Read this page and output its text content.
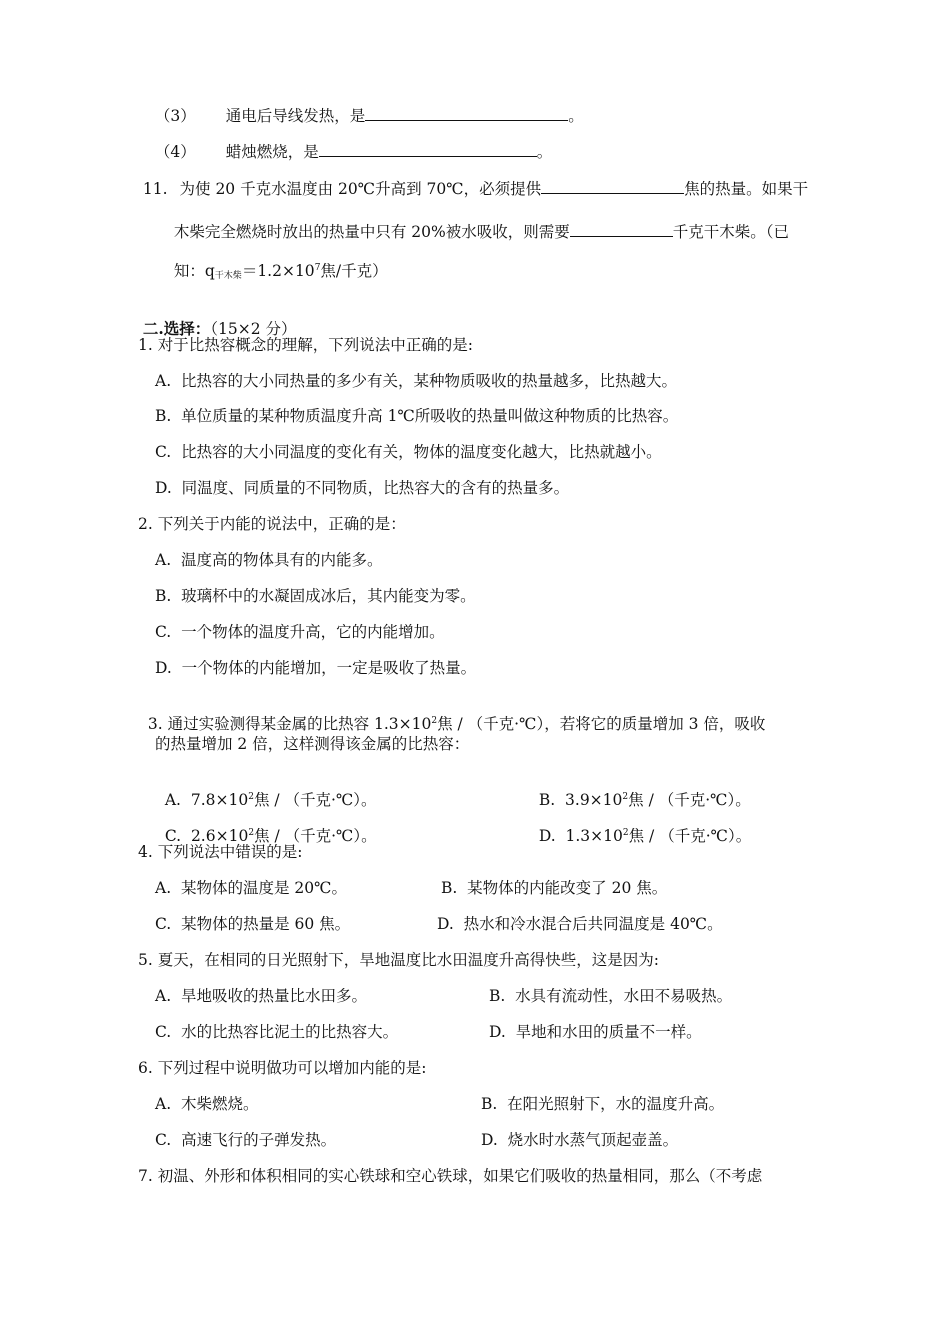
（3） 通电后导线发热，是	。

（4） 蜡烛燃烧，是	。

11. 为使 20 千克水温度由 20℃升高到 70℃，必须提供	焦的热量。如果干

木柴完全燃烧时放出的热量中只有 20%被水吸收，则需要	千克干木柴。（已

知：$q_{干木柴}=1.2\times 10^7$焦/千克）

二.选择：（15×2 分）

1. 对于比热容概念的理解，下列说法中正确的是:
A.  比热容的大小同热量的多少有关，某种物质吸收的热量越多，比热越大。
B.  单位质量的某种物质温度升高 1℃所吸收的热量叫做这种物质的比热容。
C.  比热容的大小同温度的变化有关，物体的温度变化越大，比热就越小。
D.  同温度、同质量的不同物质，比热容大的含有的热量多。
2. 下列关于内能的说法中，正确的是：
A.  温度高的物体具有的内能多。
B.  玻璃杯中的水凝固成冰后，其内能变为零。
C.  一个物体的温度升高，它的内能增加。
D.  一个物体的内能增加，一定是吸收了热量。

3. 通过实验测得某金属的比热容 $1.3\times 10^2$焦 / （千克·℃），若将它的质量增加 3 倍，吸收

的热量增加 2 倍，这样测得该金属的比热容：

A.  $7.8\times 10^2$焦 / （千克·℃）。	B.  $3.9\times 10^2$焦 / （千克·℃）。

C.  $2.6\times 10^2$焦 / （千克·℃）。	D.  $1.3\times 10^2$焦 / （千克·℃）。

4. 下列说法中错误的是:
A.  某物体的温度是 20℃。	B.  某物体的内能改变了 20 焦。
C.  某物体的热量是 60 焦。	D.  热水和冷水混合后共同温度是 40℃。
5. 夏天，在相同的日光照射下，旱地温度比水田温度升高得快些，这是因为:
A.  旱地吸收的热量比水田多。	B.  水具有流动性，水田不易吸热。
C.  水的比热容比泥土的比热容大。	D.  旱地和水田的质量不一样。
6. 下列过程中说明做功可以增加内能的是:
A.  木柴燃烧。	B.  在阳光照射下，水的温度升高。
C.  高速飞行的子弹发热。	D.  烧水时水蒸气顶起壶盖。
7. 初温、外形和体积相同的实心铁球和空心铁球，如果它们吸收的热量相同，那么（不考虑
